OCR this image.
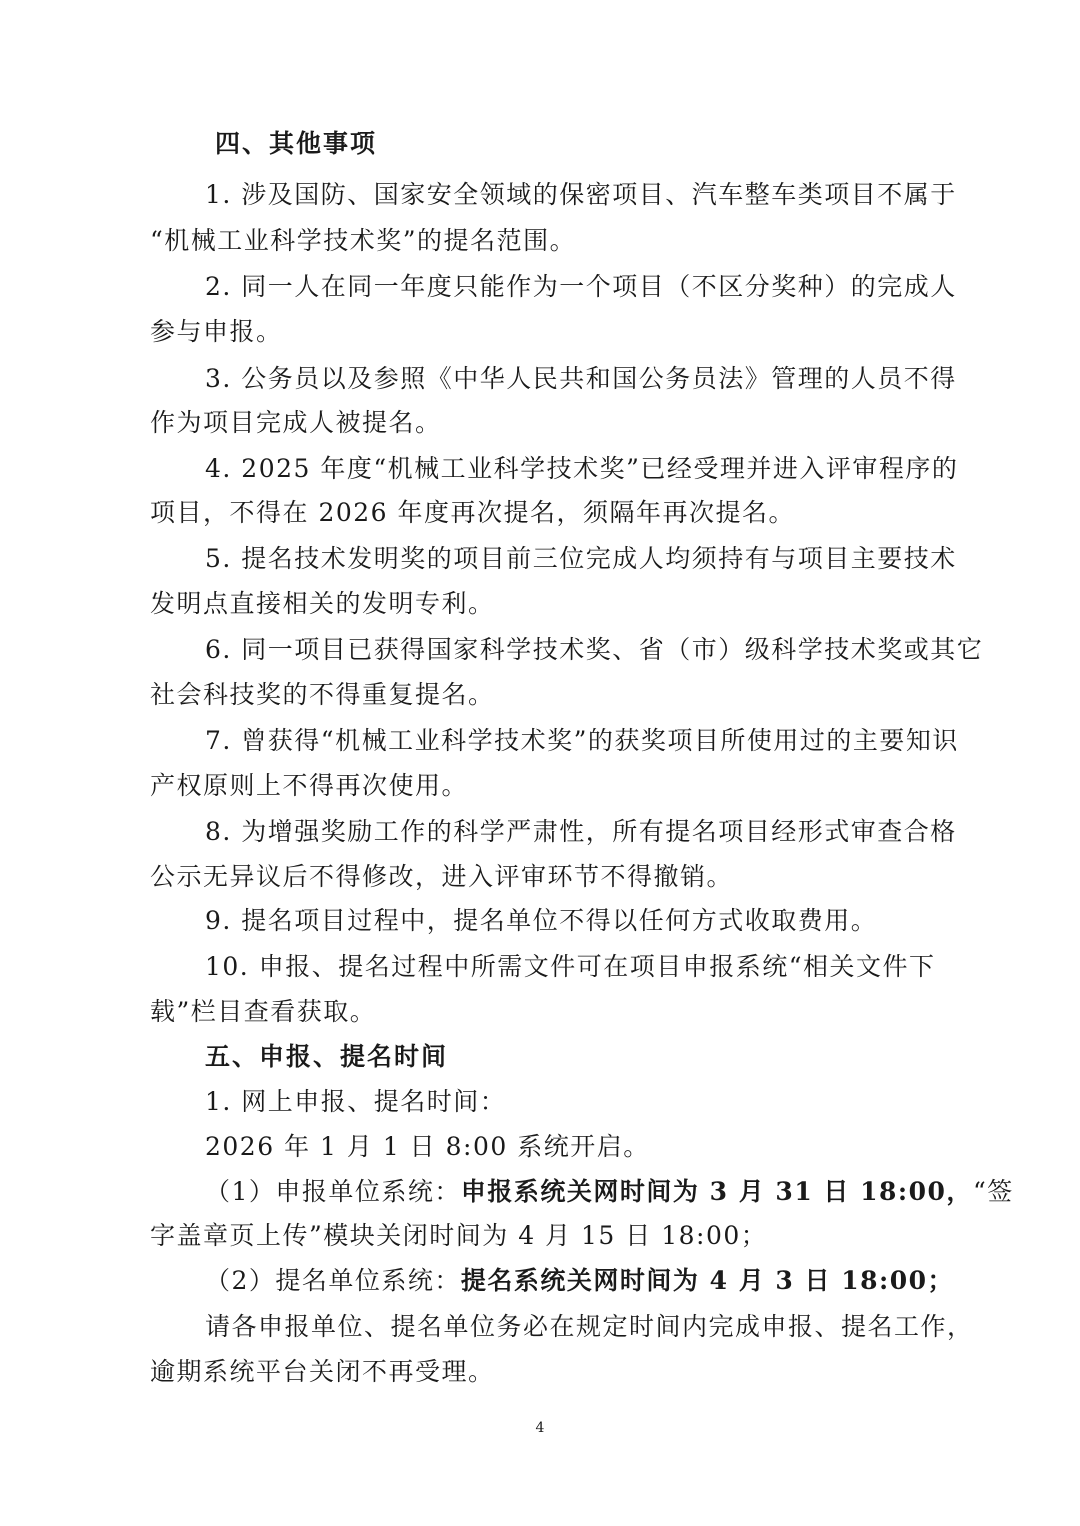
四、其他事项
1. 涉及国防、国家安全领域的保密项目、汽车整车类项目不属于
“机械工业科学技术奖”的提名范围。
2. 同一人在同一年度只能作为一个项目（不区分奖种）的完成人
参与申报。
3. 公务员以及参照《中华人民共和国公务员法》管理的人员不得
作为项目完成人被提名。
4. 2025 年度“机械工业科学技术奖”已经受理并进入评审程序的
项目，不得在 2026 年度再次提名，须隔年再次提名。
5. 提名技术发明奖的项目前三位完成人均须持有与项目主要技术
发明点直接相关的发明专利。
6. 同一项目已获得国家科学技术奖、省（市）级科学技术奖或其它
社会科技奖的不得重复提名。
7. 曾获得“机械工业科学技术奖”的获奖项目所使用过的主要知识
产权原则上不得再次使用。
8. 为增强奖励工作的科学严肃性，所有提名项目经形式审查合格
公示无异议后不得修改，进入评审环节不得撤销。
9. 提名项目过程中，提名单位不得以任何方式收取费用。
10. 申报、提名过程中所需文件可在项目申报系统“相关文件下
载”栏目查看获取。
五、申报、提名时间
1. 网上申报、提名时间：
2026 年 1 月 1 日 8:00 系统开启。
（1）申报单位系统：申报系统关网时间为 3 月 31 日 18:00，“签
字盖章页上传”模块关闭时间为 4 月 15 日 18:00；
（2）提名单位系统：提名系统关网时间为 4 月 3 日 18:00；
请各申报单位、提名单位务必在规定时间内完成申报、提名工作，
逾期系统平台关闭不再受理。
4
